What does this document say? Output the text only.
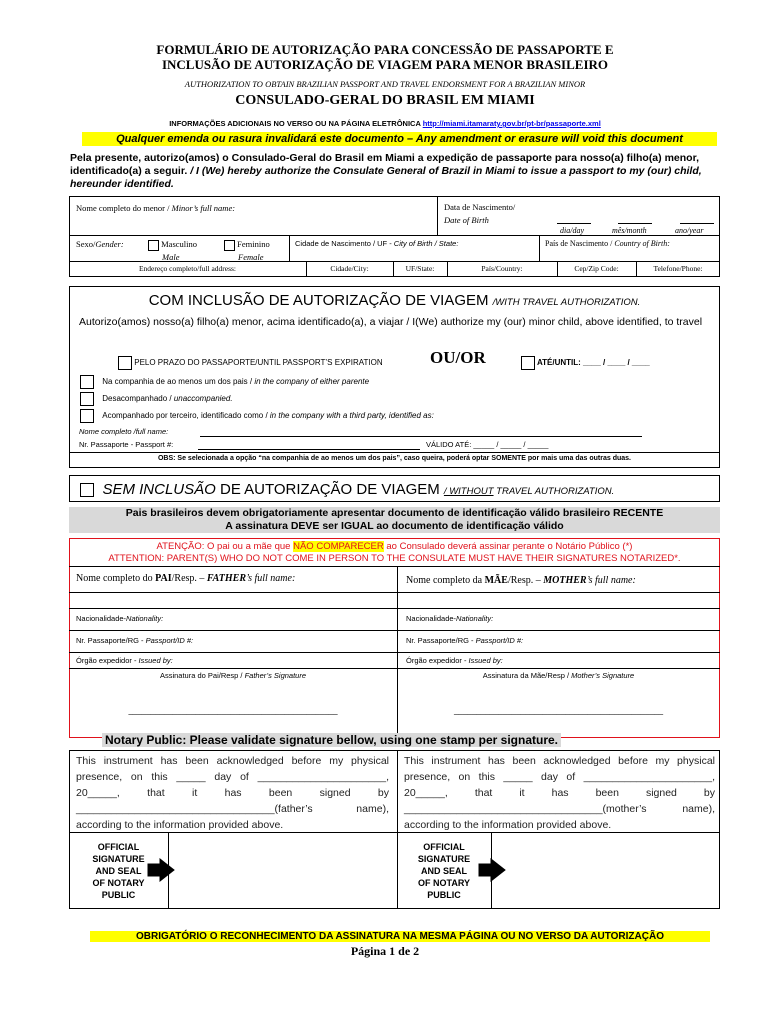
FORMULÁRIO DE AUTORIZAÇÃO PARA CONCESSÃO DE PASSAPORTE E
INCLUSÃO DE AUTORIZAÇÃO DE VIAGEM PARA MENOR BRASILEIRO
AUTHORIZATION TO OBTAIN BRAZILIAN PASSPORT AND TRAVEL ENDORSMENT FOR A BRAZILIAN MINOR
CONSULADO-GERAL DO BRASIL EM MIAMI
INFORMAÇÕES ADICIONAIS NO VERSO OU NA PÁGINA ELETRÔNICA http://miami.itamaraty.gov.br/pt-br/passaporte.xml
Qualquer emenda ou rasura invalidará este documento – Any amendment or erasure will void this document
Pela presente, autorizo(amos) o Consulado-Geral do Brasil em Miami a expedição de passaporte para nosso(a) filho(a) menor, identificado(a) a seguir. / I (We) hereby authorize the Consulate General of Brazil in Miami to issue a passport to my (our) child, hereunder identified.
Nome completo do menor / Minor’s full name:	Data de Nascimento/
Date of Birth
dia/day	mês/month	ano/year
Sexo/Gender:	Masculino
Male
Feminino
Female
Cidade de Nascimento / UF - City of Birth / State:	País de Nascimento / Country of Birth:
Endereço completo/full address:	Cidade/City:	UF/State:	País/Country:	Cep/Zip Code:	Telefone/Phone:
COM INCLUSÃO DE AUTORIZAÇÃO DE VIAGEM /WITH TRAVEL AUTHORIZATION.
Autorizo(amos) nosso(a) filho(a) menor, acima identificado(a), a viajar / I(We) authorize my (our) minor child, above identified, to travel
PELO PRAZO DO PASSAPORTE/UNTIL PASSPORT’S EXPIRATION	OU/OR	ATÉ/UNTIL: ____ / ____ / ____
Na companhia de ao menos um dos pais / in the company of either parente
Desacompanhado / unaccompanied.
Acompanhado por terceiro, identificado como / in the company with a third party, identified as:
Nome completo /full name:
Nr. Passaporte - Passport #:	VÁLIDO ATÉ: _____ / _____ / _____
OBS: Se selecionada a opção “na companhia de ao menos um dos pais”, caso queira, poderá optar SOMENTE por mais uma das outras duas.
SEM INCLUSÃO DE AUTORIZAÇÃO DE VIAGEM / WITHOUT TRAVEL AUTHORIZATION.
Pais brasileiros devem obrigatoriamente apresentar documento de identificação válido brasileiro RECENTE
A assinatura DEVE ser IGUAL ao documento de identificação válido
ATENÇÃO: O pai ou a mãe que NÃO COMPARECER ao Consulado deverá assinar perante o Notário Público (*)
ATTENTION: PARENT(S) WHO DO NOT COME IN PERSON TO THE CONSULATE MUST HAVE THEIR SIGNATURES NOTARIZED*.
Nome completo do PAI/Resp. – FATHER’s full name:
Nacionalidade-Nationality:
Nr. Passaporte/RG - Passport/ID #:
Órgão expedidor - Issued by:
Assinatura do Pai/Resp / Father’s Signature
_______________________________________________
Nome completo da MÃE/Resp. – MOTHER’s full name:
Nacionalidade-Nationality:
Nr. Passaporte/RG - Passport/ID #:
Órgão expedidor - Issued by:
Assinatura da Mãe/Resp / Mother’s Signature
_______________________________________________
Notary Public: Please validate signature bellow, using one stamp per signature.
This instrument has been acknowledged before my physical presence, on this _____ day of ______________________, 20_____, that it has been signed by __________________________________(father’s name), according to the information provided above.
This instrument has been acknowledged before my physical presence, on this _____ day of ______________________, 20_____, that it has been signed by __________________________________(mother’s name), according to the information provided above.
OFFICIAL
SIGNATURE
AND SEAL
OF NOTARY
PUBLIC
OFFICIAL
SIGNATURE
AND SEAL
OF NOTARY
PUBLIC
OBRIGATÓRIO O RECONHECIMENTO DA ASSINATURA NA MESMA PÁGINA OU NO VERSO DA AUTORIZAÇÃO
Página 1 de 2
